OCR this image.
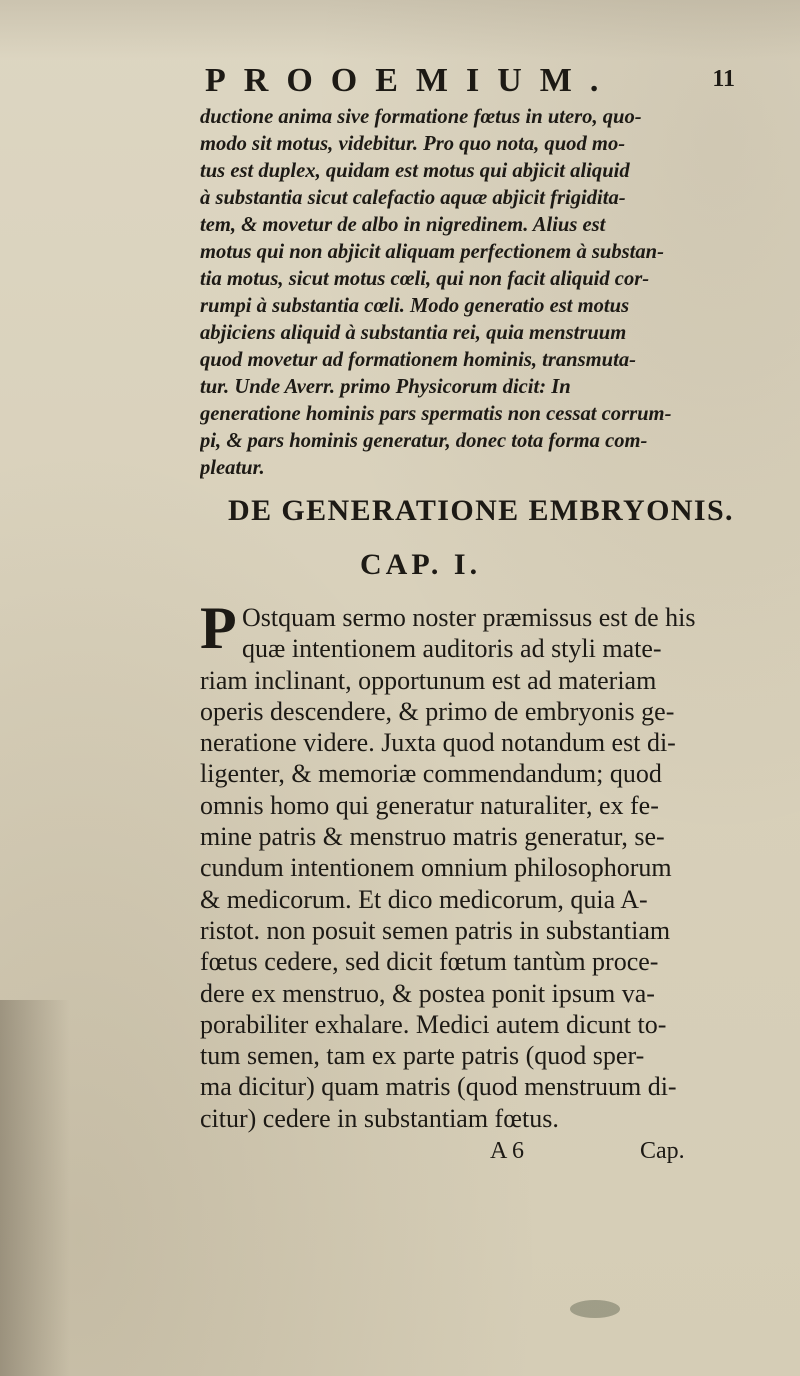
PROOEMIUM.	11
ductione anima sive formatione fœtus in utero, quo-
modo sit motus, videbitur. Pro quo nota, quod mo-
tus est duplex, quidam est motus qui abjicit aliquid
à substantia sicut calefactio aquæ abjicit frigidita-
tem, & movetur de albo in nigredinem. Alius est
motus qui non abjicit aliquam perfectionem à substan-
tia motus, sicut motus cœli, qui non facit aliquid cor-
rumpi à substantia cœli. Modo generatio est motus
abjiciens aliquid à substantia rei, quia menstruum
quod movetur ad formationem hominis, transmuta-
tur. Unde Averr. primo Physicorum dicit: In
generatione hominis pars spermatis non cessat corrum-
pi, & pars hominis generatur, donec tota forma com-
pleatur.
DE GENERATIONE EMBRYONIS.
CAP. I.
P Ostquam sermo noster præmissus est de his
quæ intentionem auditoris ad styli mate-
riam inclinant, opportunum est ad materiam
operis descendere, & primo de embryonis ge-
neratione videre. Juxta quod notandum est di-
ligenter, & memoriæ commendandum; quod
omnis homo qui generatur naturaliter, ex fe-
mine patris & menstruo matris generatur, se-
cundum intentionem omnium philosophorum
& medicorum. Et dico medicorum, quia A-
ristot. non posuit semen patris in substantiam
fœtus cedere, sed dicit fœtum tantùm proce-
dere ex menstruo, & postea ponit ipsum va-
porabiliter exhalare. Medici autem dicunt to-
tum semen, tam ex parte patris (quod sper-
ma dicitur) quam matris (quod menstruum di-
citur) cedere in substantiam fœtus.
A 6	Cap.
